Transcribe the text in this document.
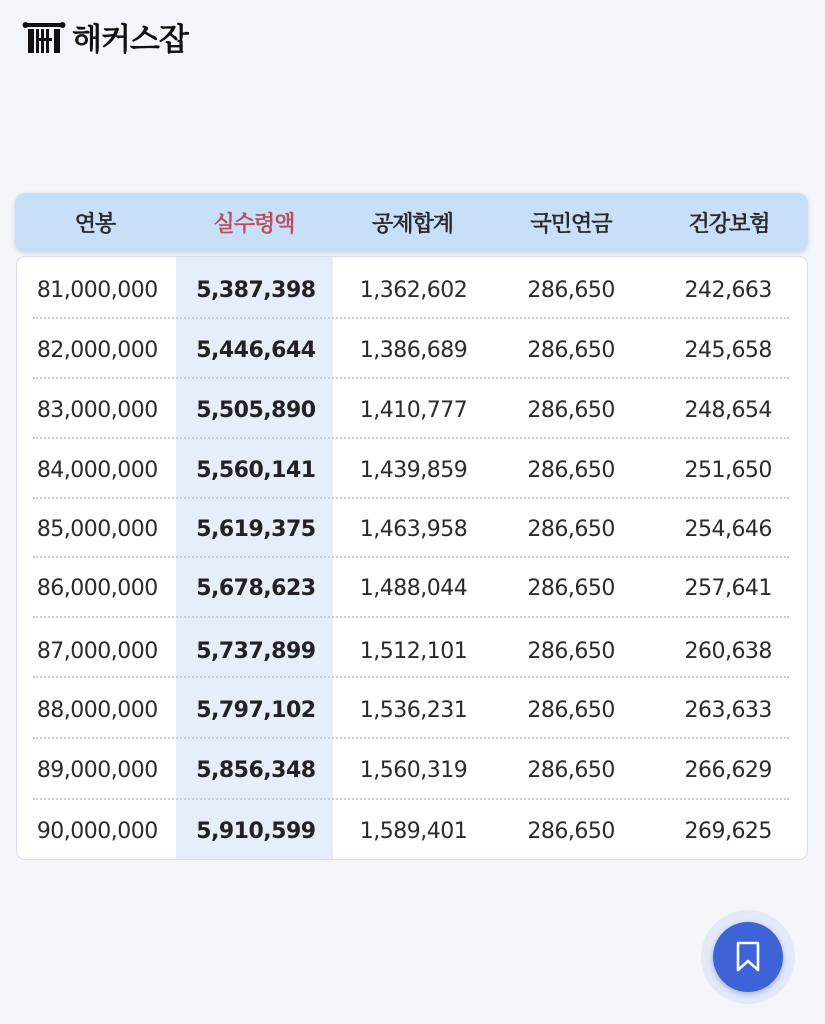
해커스잡
연봉	실수령액	공제합계	국민연금	건강보험
81,000,000	5,387,398	1,362,602	286,650	242,663
82,000,000	5,446,644	1,386,689	286,650	245,658
83,000,000	5,505,890	1,410,777	286,650	248,654
84,000,000	5,560,141	1,439,859	286,650	251,650
85,000,000	5,619,375	1,463,958	286,650	254,646
86,000,000	5,678,623	1,488,044	286,650	257,641
87,000,000	5,737,899	1,512,101	286,650	260,638
88,000,000	5,797,102	1,536,231	286,650	263,633
89,000,000	5,856,348	1,560,319	286,650	266,629
90,000,000	5,910,599	1,589,401	286,650	269,625
